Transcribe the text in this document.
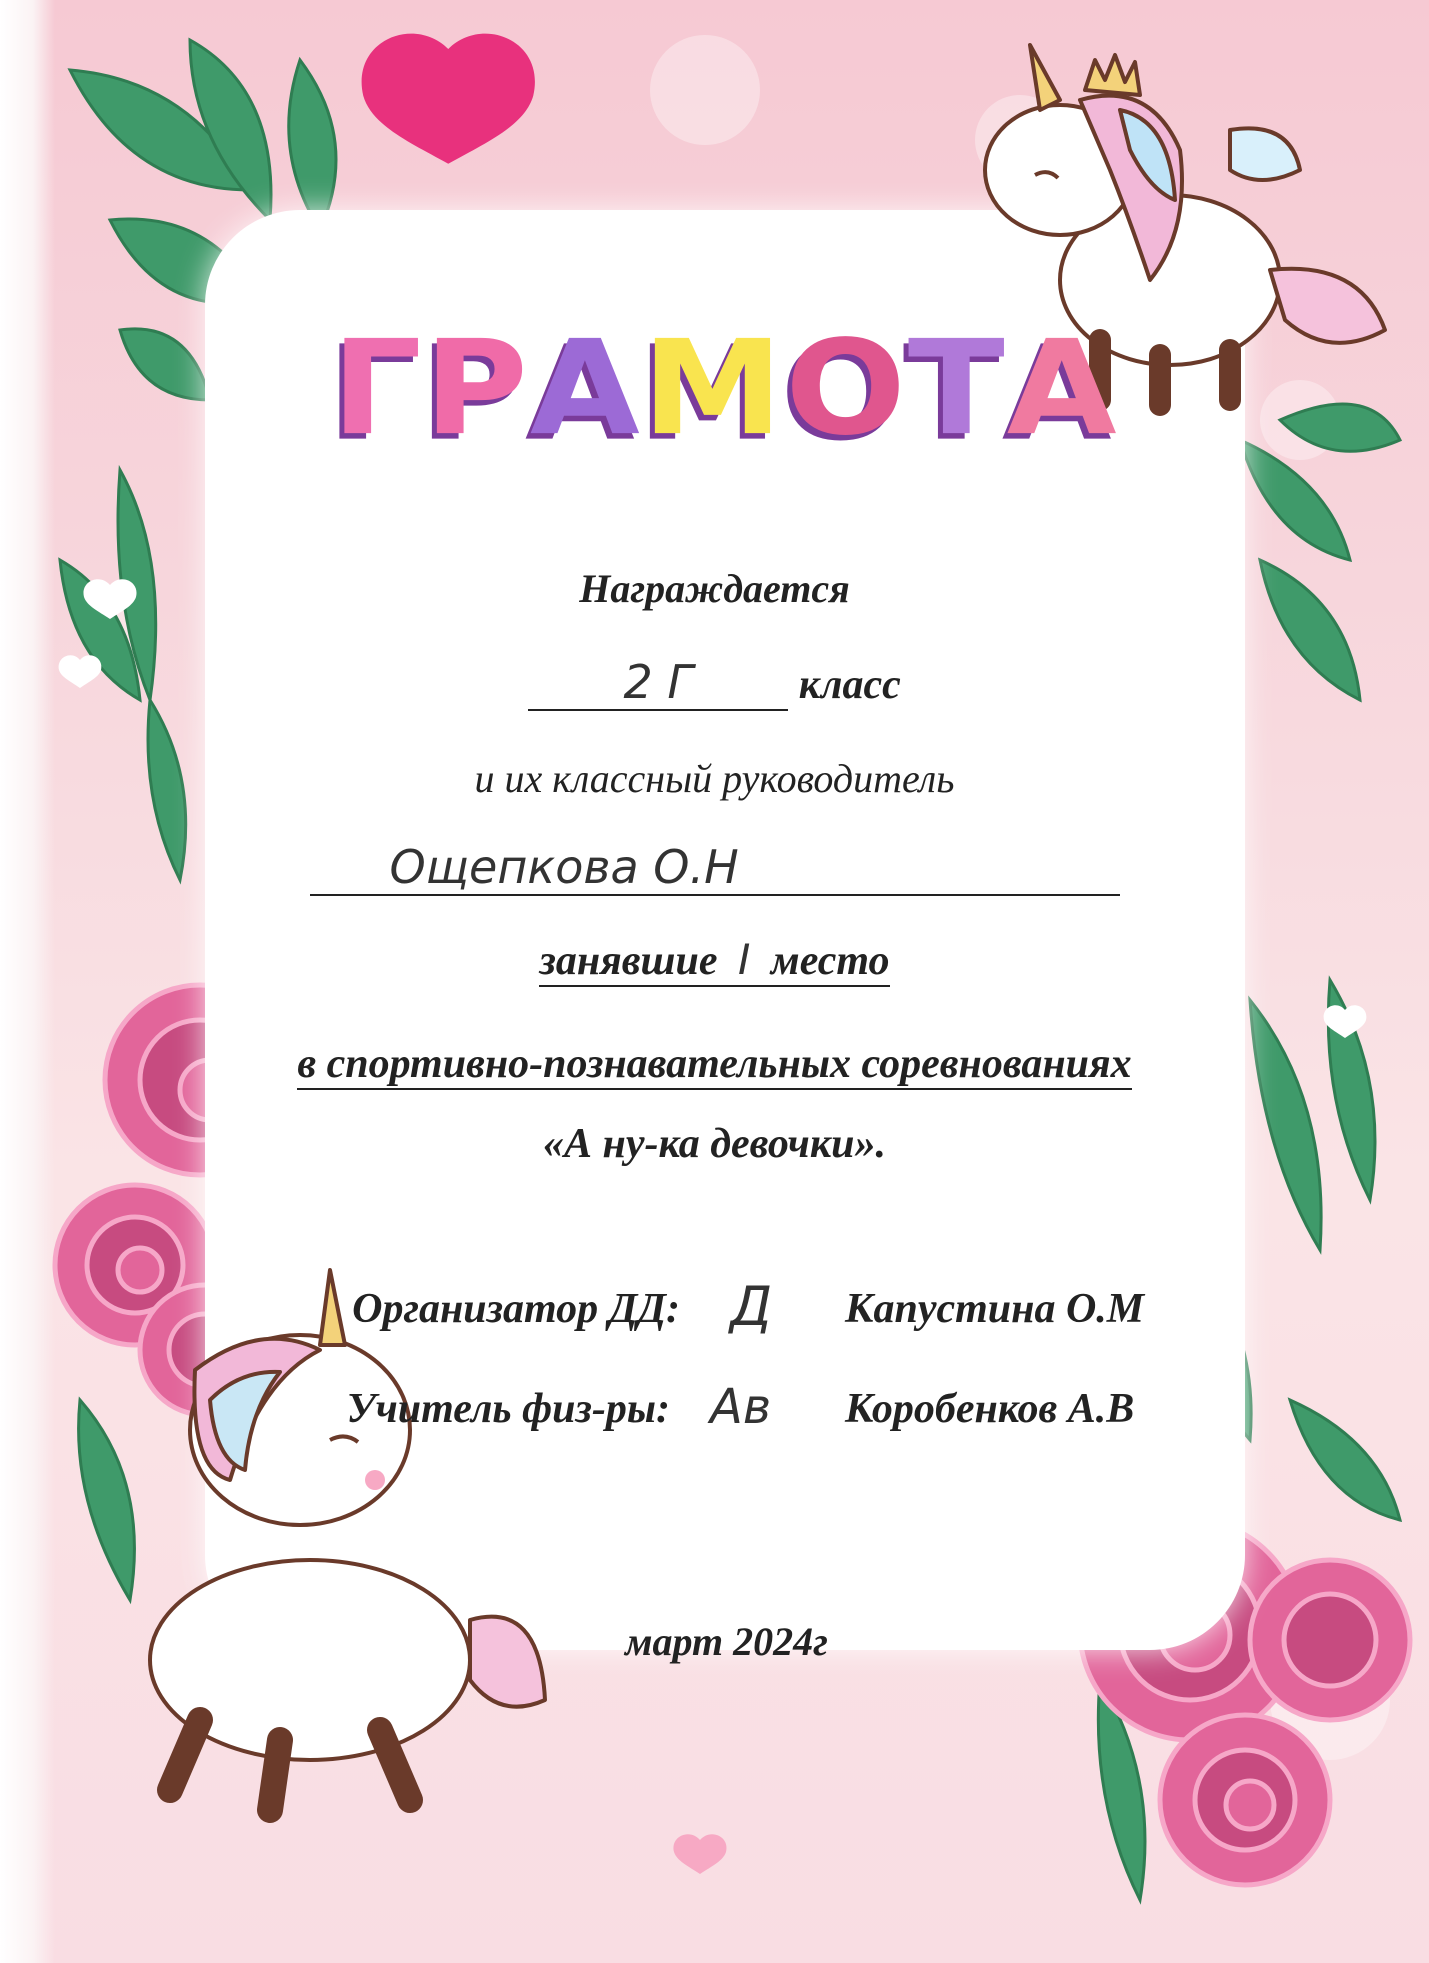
Г Р А М О Т А
Награждается
2 Г	класс
и их классный руководитель
Ощепкова О.Н
занявшие I место
в спортивно-познавательных соревнованиях
«А ну-ка девочки».
Организатор ДД: Д Капустина О.М
Учитель физ-ры: Ав Коробенков А.В
март 2024г
